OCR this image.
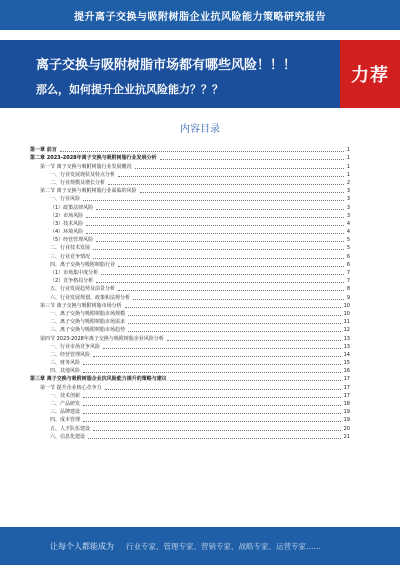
提升离子交换与吸附树脂企业抗风险能力策略研究报告
离子交换与吸附树脂市场都有哪些风险！！！
那么，如何提升企业抗风险能力？？？
力荐
内容目录
第一章 前言	1
第二章 2023-2028年离子交换与吸附树脂行业发展分析	1
第一节 离子交换与吸附树脂行业发展概况	1
一、行业发展现状及特点分析	1
二、行业规模及增长分析	2
第二节 离子交换与吸附树脂行业面临的风险	3
一、行业风险	3
（1）政策法律风险	3
（2）市场风险	3
（3）技术风险	4
（4）环境风险	4
（5）经营管理风险	5
二、行业技术发展	5
三、行业竞争情况	6
四、离子交换与吸附树脂行业	6
（1）市场集中度分析	7
（2）竞争格局分析	7
五、行业发展趋势及前景分析	8
六、行业发展规划、政策和法规分析	9
第三节 离子交换与吸附树脂市场分析	10
一、离子交换与吸附树脂市场规模	10
二、离子交换与吸附树脂市场需求	11
三、离子交换与吸附树脂市场趋势	12
第四节 2023-2028年离子交换与吸附树脂企业风险分析	13
一、行业市场竞争风险	13
二、经营管理风险	14
三、财务风险	15
四、其他风险	16
第三章 离子交换与吸附树脂企业抗风险能力提升的策略与建议	17
第一节 提升企业核心竞争力	17
一、技术创新	17
二、产品研发	18
三、品牌建设	19
四、成本管理	19
五、人才队伍建设	20
六、信息化建设	21
让每个人都能成为 行业专家、管理专家、营销专家、战略专家、运营专家……
